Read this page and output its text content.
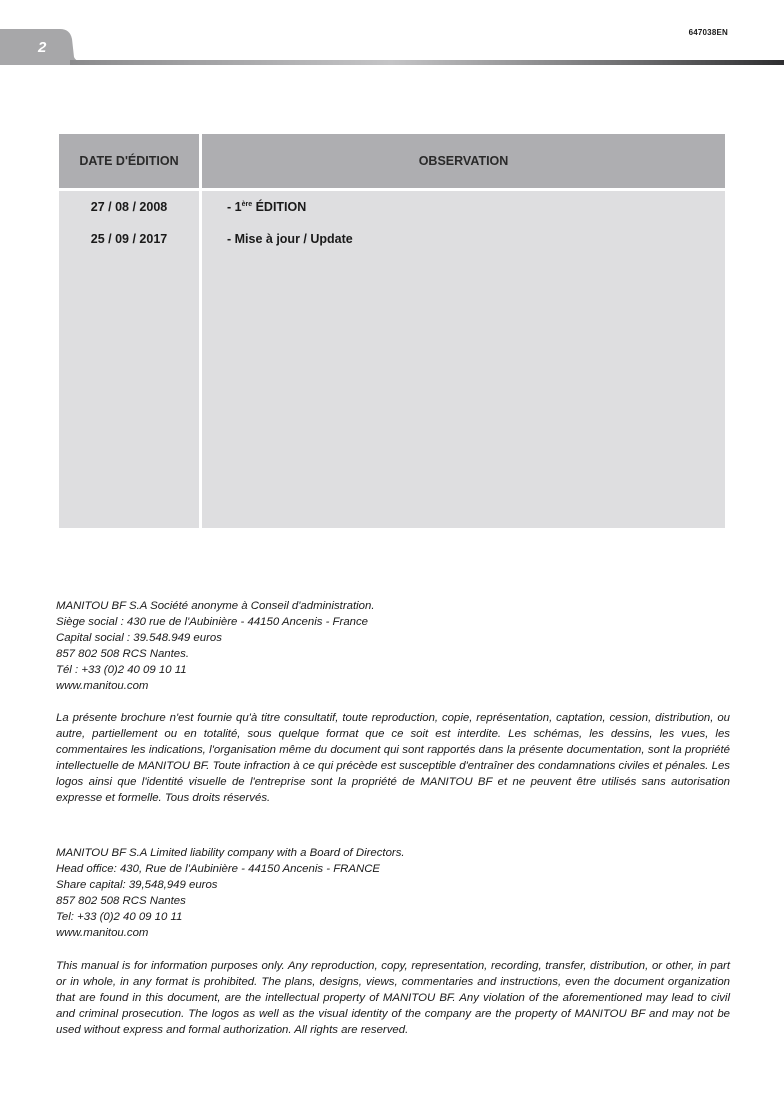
2
647038EN
DATE D'ÉDITION	OBSERVATION
27 / 08 / 2008
25 / 09 / 2017
- 1ère ÉDITION
- Mise à jour / Update

MANITOU BF S.A Société anonyme à Conseil d'administration.

Siège social : 430 rue de l'Aubinière - 44150 Ancenis - France

Capital social : 39.548.949 euros

857 802 508 RCS Nantes.

Tél : +33 (0)2 40 09 10 11

www.manitou.com

La présente brochure n'est fournie qu'à titre consultatif, toute reproduction, copie, représentation, captation, cession, distribution, ou autre, partiellement ou en totalité, sous quelque format que ce soit est interdite. Les schémas, les dessins, les vues, les commentaires les indications, l'organisation même du document qui sont rapportés dans la présente documentation, sont la propriété intellectuelle de MANITOU BF. Toute infraction à ce qui précède est susceptible d'entraîner des condamnations civiles et pénales. Les logos ainsi que l'identité visuelle de l'entreprise sont la propriété de MANITOU BF et ne peuvent être utilisés sans autorisation expresse et formelle. Tous droits réservés.

MANITOU BF S.A Limited liability company with a Board of Directors.

Head office: 430, Rue de l'Aubinière - 44150 Ancenis - FRANCE

Share capital: 39,548,949 euros

857 802 508 RCS Nantes

Tel: +33 (0)2 40 09 10 11

www.manitou.com

This manual is for information purposes only. Any reproduction, copy, representation, recording, transfer, distribution, or other, in part or in whole, in any format is prohibited. The plans, designs, views, commentaries and instructions, even the document organization that are found in this document, are the intellectual property of MANITOU BF. Any violation of the aforementioned may lead to civil and criminal prosecution. The logos as well as the visual identity of the company are the property of MANITOU BF and may not be used without express and formal authorization. All rights are reserved.
